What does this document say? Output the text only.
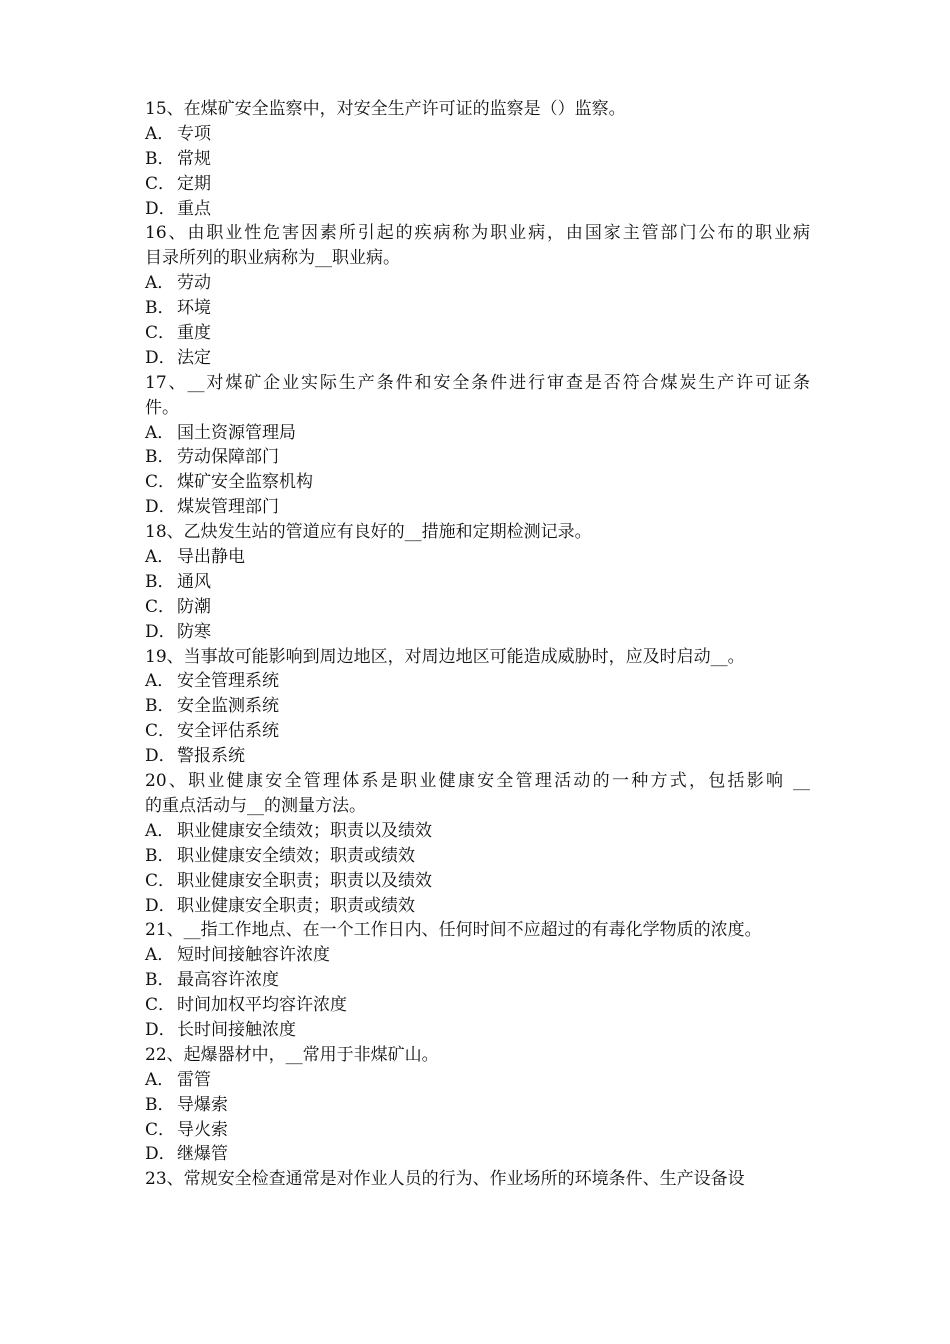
15、在煤矿安全监察中，对安全生产许可证的监察是（）监察。
A． 专项
B． 常规
C． 定期
D．重点
16、由职业性危害因素所引起的疾病称为职业病，由国家主管部门公布的职业病
目录所列的职业病称为__职业病。
A． 劳动
B． 环境
C． 重度
D．法定
17、__对煤矿企业实际生产条件和安全条件进行审查是否符合煤炭生产许可证条
件。
A． 国土资源管理局
B． 劳动保障部门
C． 煤矿安全监察机构
D．煤炭管理部门
18、乙炔发生站的管道应有良好的__措施和定期检测记录。
A． 导出静电
B． 通风
C． 防潮
D．防寒
19、当事故可能影响到周边地区，对周边地区可能造成威胁时，应及时启动__。
A． 安全管理系统
B． 安全监测系统
C． 安全评估系统
D．警报系统
20、职业健康安全管理体系是职业健康安全管理活动的一种方式，包括影响 __
的重点活动与__的测量方法。
A． 职业健康安全绩效；职责以及绩效
B． 职业健康安全绩效；职责或绩效
C． 职业健康安全职责；职责以及绩效
D．职业健康安全职责；职责或绩效
21、__指工作地点、在一个工作日内、任何时间不应超过的有毒化学物质的浓度。
A． 短时间接触容许浓度
B． 最高容许浓度
C． 时间加权平均容许浓度
D．长时间接触浓度
22、起爆器材中，__常用于非煤矿山。
A． 雷管
B． 导爆索
C． 导火索
D．继爆管
23、常规安全检查通常是对作业人员的行为、作业场所的环境条件、生产设备设
